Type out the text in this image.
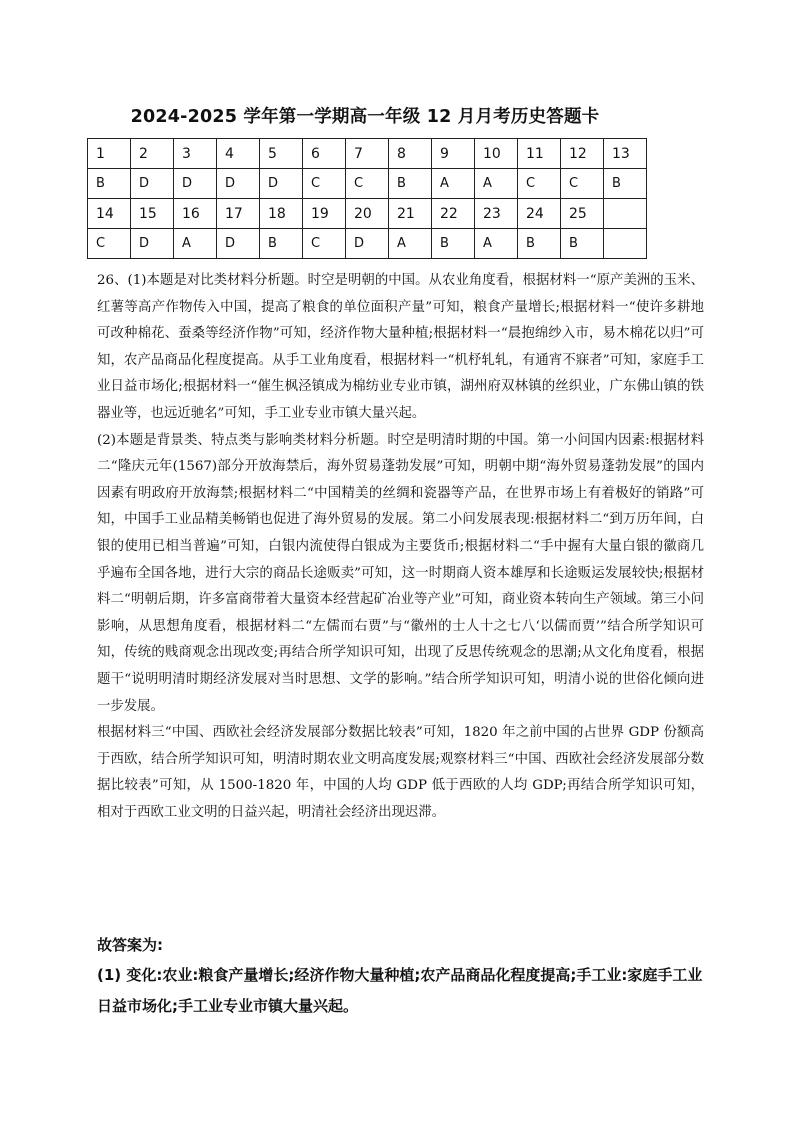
2024-2025 学年第一学期高一年级 12 月月考历史答题卡
1	2	3	4	5	6	7	8	9	10	11	12	13
B	D	D	D	D	C	C	B	A	A	C	C	B
14	15	16	17	18	19	20	21	22	23	24	25	
C	D	A	D	B	C	D	A	B	A	B	B	

26、(1)本题是对比类材料分析题。时空是明朝的中国。从农业角度看，根据材料一“原产美洲的玉米、红薯等高产作物传入中国，提高了粮食的单位面积产量”可知，粮食产量增长;根据材料一“使许多耕地可改种棉花、蚕桑等经济作物”可知，经济作物大量种植;根据材料一“晨抱绵纱入市，易木棉花以归”可知，农产品商品化程度提高。从手工业角度看，根据材料一“机杼轧轧，有通宵不寐者”可知，家庭手工业日益市场化;根据材料一“催生枫泾镇成为棉纺业专业市镇，湖州府双林镇的丝织业，广东佛山镇的铁器业等，也远近驰名”可知，手工业专业市镇大量兴起。

(2)本题是背景类、特点类与影响类材料分析题。时空是明清时期的中国。第一小问国内因素:根据材料二“隆庆元年(1567)部分开放海禁后，海外贸易蓬勃发展”可知，明朝中期“海外贸易蓬勃发展”的国内因素有明政府开放海禁;根据材料二“中国精美的丝绸和瓷器等产品，在世界市场上有着极好的销路”可知，中国手工业品精美畅销也促进了海外贸易的发展。第二小问发展表现:根据材料二“到万历年间，白银的使用已相当普遍”可知，白银内流使得白银成为主要货币;根据材料二“手中握有大量白银的徽商几乎遍布全国各地，进行大宗的商品长途贩卖”可知，这一时期商人资本雄厚和长途贩运发展较快;根据材料二“明朝后期，许多富商带着大量资本经营起矿冶业等产业”可知，商业资本转向生产领域。第三小问影响，从思想角度看，根据材料二“左儒而右贾”与“徽州的士人十之七八‘以儒而贾’”结合所学知识可知，传统的贱商观念出现改变;再结合所学知识可知，出现了反思传统观念的思潮;从文化角度看，根据题干“说明明清时期经济发展对当时思想、文学的影响。”结合所学知识可知，明清小说的世俗化倾向进一步发展。

根据材料三“中国、西欧社会经济发展部分数据比较表”可知，1820 年之前中国的占世界 GDP 份额高于西欧，结合所学知识可知，明清时期农业文明高度发展;观察材料三“中国、西欧社会经济发展部分数据比较表”可知，从 1500-1820 年，中国的人均 GDP 低于西欧的人均 GDP;再结合所学知识可知，相对于西欧工业文明的日益兴起，明清社会经济出现迟滞。

故答案为:
(1) 变化:农业:粮食产量增长;经济作物大量种植;农产品商品化程度提高;手工业:家庭手工业日益市场化;手工业专业市镇大量兴起。
